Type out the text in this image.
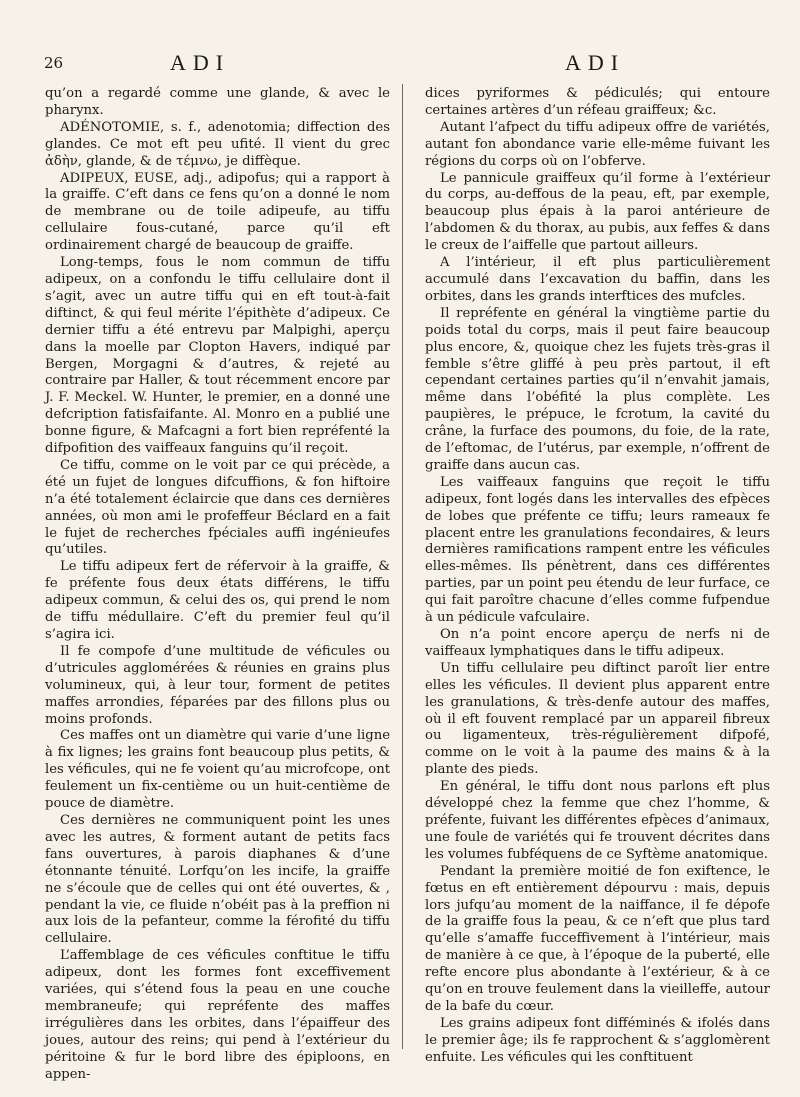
26	ADI	ADI

qu’on a regardé comme une glande, & avec le pharynx.

ADÉNOTOMIE, s. f., adenotomia; diffection des glandes. Ce mot eft peu ufité. Il vient du grec ἀδὴν, glande, & de τέμνω, je diffèque.

ADIPEUX, EUSE, adj., adipofus; qui a rapport à la graiffe. C’eft dans ce fens qu’on a donné le nom de membrane ou de toile adipeufe, au tiffu cellulaire fous-cutané, parce qu’il eft ordinairement chargé de beaucoup de graiffe.

Long-temps, fous le nom commun de tiffu adipeux, on a confondu le tiffu cellulaire dont il s’agit, avec un autre tiffu qui en eft tout-à-fait diftinct, & qui feul mérite l’épithète d’adipeux. Ce dernier tiffu a été entrevu par Malpighi, aperçu dans la moelle par Clopton Havers, indiqué par Bergen, Morgagni & d’autres, & rejeté au contraire par Haller, & tout récemment encore par J. F. Meckel. W. Hunter, le premier, en a donné une defcription fatisfaifante. Al. Monro en a publié une bonne figure, & Mafcagni a fort bien repréfenté la difpofition des vaiffeaux fanguins qu’il reçoit.

Ce tiffu, comme on le voit par ce qui précède, a été un fujet de longues difcuffions, & fon hiftoire n’a été totalement éclaircie que dans ces dernières années, où mon ami le profeffeur Béclard en a fait le fujet de recherches fpéciales auffi ingénieufes qu’utiles.

Le tiffu adipeux fert de réfervoir à la graiffe, & fe préfente fous deux états différens, le tiffu adipeux commun, & celui des os, qui prend le nom de tiffu médullaire. C’eft du premier feul qu’il s’agira ici.

Il fe compofe d’une multitude de véficules ou d’utricules agglomérées & réunies en grains plus volumineux, qui, à leur tour, forment de petites maffes arrondies, féparées par des fillons plus ou moins profonds.

Ces maffes ont un diamètre qui varie d’une ligne à fix lignes; les grains font beaucoup plus petits, & les véficules, qui ne fe voient qu’au microfcope, ont feulement un fix-centième ou un huit-centième de pouce de diamètre.

Ces dernières ne communiquent point les unes avec les autres, & forment autant de petits facs fans ouvertures, à parois diaphanes & d’une étonnante ténuité. Lorfqu’on les incife, la graiffe ne s’écoule que de celles qui ont été ouvertes, & , pendant la vie, ce fluide n’obéit pas à la preffion ni aux lois de la pefanteur, comme la férofité du tiffu cellulaire.

L’affemblage de ces véficules conftitue le tiffu adipeux, dont les formes font exceffivement variées, qui s’étend fous la peau en une couche membraneufe; qui repréfente des maffes irrégulières dans les orbites, dans l’épaiffeur des joues, autour des reins; qui pend à l’extérieur du péritoine & fur le bord libre des épiploons, en appen-

dices pyriformes & pédiculés; qui entoure certaines artères d’un réfeau graiffeux; &c.

Autant l’afpect du tiffu adipeux offre de variétés, autant fon abondance varie elle-même fuivant les régions du corps où on l’obferve.

Le pannicule graiffeux qu’il forme à l’extérieur du corps, au-deffous de la peau, eft, par exemple, beaucoup plus épais à la paroi antérieure de l’abdomen & du thorax, au pubis, aux feffes & dans le creux de l’aiffelle que partout ailleurs.

A l’intérieur, il eft plus particulièrement accumulé dans l’excavation du baffin, dans les orbites, dans les grands interftices des mufcles.

Il repréfente en général la vingtième partie du poids total du corps, mais il peut faire beaucoup plus encore, &, quoique chez les fujets très-gras il femble s’être gliffé à peu près partout, il eft cependant certaines parties qu’il n’envahit jamais, même dans l’obéfité la plus complète. Les paupières, le prépuce, le fcrotum, la cavité du crâne, la furface des poumons, du foie, de la rate, de l’eftomac, de l’utérus, par exemple, n’offrent de graiffe dans aucun cas.

Les vaiffeaux fanguins que reçoit le tiffu adipeux, font logés dans les intervalles des efpèces de lobes que préfente ce tiffu; leurs rameaux fe placent entre les granulations fecondaires, & leurs dernières ramifications rampent entre les véficules elles-mêmes. Ils pénètrent, dans ces différentes parties, par un point peu étendu de leur furface, ce qui fait paroître chacune d’elles comme fufpendue à un pédicule vafculaire.

On n’a point encore aperçu de nerfs ni de vaiffeaux lymphatiques dans le tiffu adipeux.

Un tiffu cellulaire peu diftinct paroît lier entre elles les véficules. Il devient plus apparent entre les granulations, & très-denfe autour des maffes, où il eft fouvent remplacé par un appareil fibreux ou ligamenteux, très-régulièrement difpofé, comme on le voit à la paume des mains & à la plante des pieds.

En général, le tiffu dont nous parlons eft plus développé chez la femme que chez l’homme, & préfente, fuivant les différentes efpèces d’animaux, une foule de variétés qui fe trouvent décrites dans les volumes fubféquens de ce Syftème anatomique.

Pendant la première moitié de fon exiftence, le fœtus en eft entièrement dépourvu : mais, depuis lors jufqu’au moment de la naiffance, il fe dépofe de la graiffe fous la peau, & ce n’eft que plus tard qu’elle s’amaffe fucceffivement à l’intérieur, mais de manière à ce que, à l’époque de la puberté, elle refte encore plus abondante à l’extérieur, & à ce qu’on en trouve feulement dans la vieilleffe, autour de la bafe du cœur.

Les grains adipeux font difféminés & ifolés dans le premier âge; ils fe rapprochent & s’agglomèrent enfuite. Les véficules qui les conftituent
